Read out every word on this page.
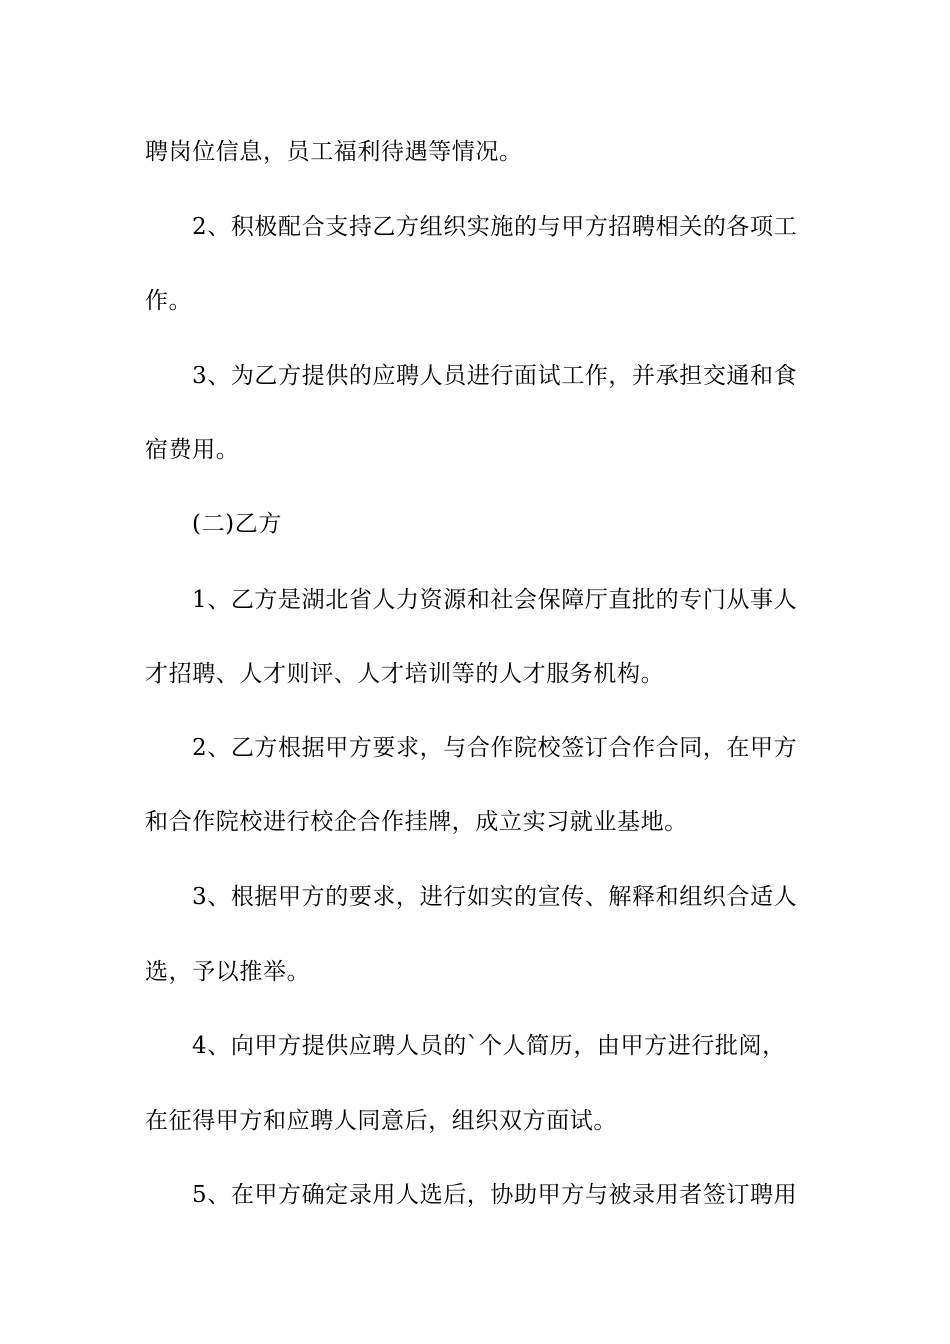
聘岗位信息，员工福利待遇等情况。
2、积极配合支持乙方组织实施的与甲方招聘相关的各项工
作。
3、为乙方提供的应聘人员进行面试工作，并承担交通和食
宿费用。
(二)乙方
1、乙方是湖北省人力资源和社会保障厅直批的专门从事人
才招聘、人才则评、人才培训等的人才服务机构。
2、乙方根据甲方要求，与合作院校签订合作合同，在甲方
和合作院校进行校企合作挂牌，成立实习就业基地。
3、根据甲方的要求，进行如实的宣传、解释和组织合适人
选，予以推举。
4、向甲方提供应聘人员的`个人简历，由甲方进行批阅，
在征得甲方和应聘人同意后，组织双方面试。
5、在甲方确定录用人选后，协助甲方与被录用者签订聘用
